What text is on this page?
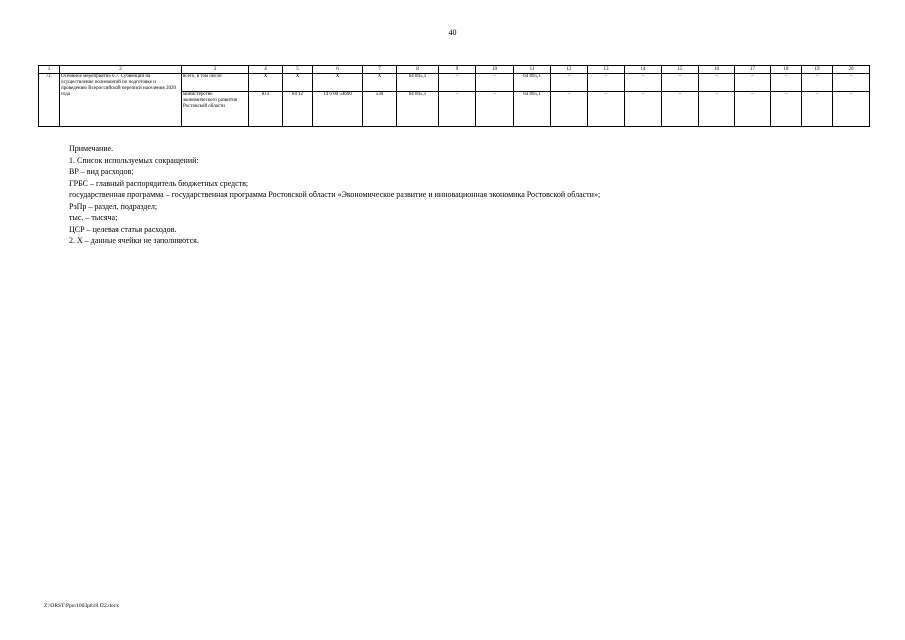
40
1	2	3	4	5	6	7	8	9	10	11	12	13	14	15	16	17	18	19	20
71.	Основное мероприятие 6.7. Субвенции на осуществление полномочий по подготовке и проведению Всероссийской переписи населения 2020 года	всего, в том числе:	X	X	X	X	64 895,1	–	–	64 895,1	–	–	–	–	–	–	–	–	–
		министерство экономического развития Ростовской области	813	04 12	14 6 00 54690	530	64 895,1	–	–	64 895,1	–	–	–	–	–	–	–	–	–
Примечание.
1. Список используемых сокращений:
ВР – вид расходов;
ГРБС – главный распорядитель бюджетных средств;
государственная программа – государственная программа Ростовской области «Экономическое развитие и инновационная экономика Ростовской области»;
РзПр – раздел, подраздел;
тыс. – тысяча;
ЦСР – целевая статья расходов.
2. X – данные ячейки не заполняются.
Z:\ORST\Ppo\1003p818.f22.docx
